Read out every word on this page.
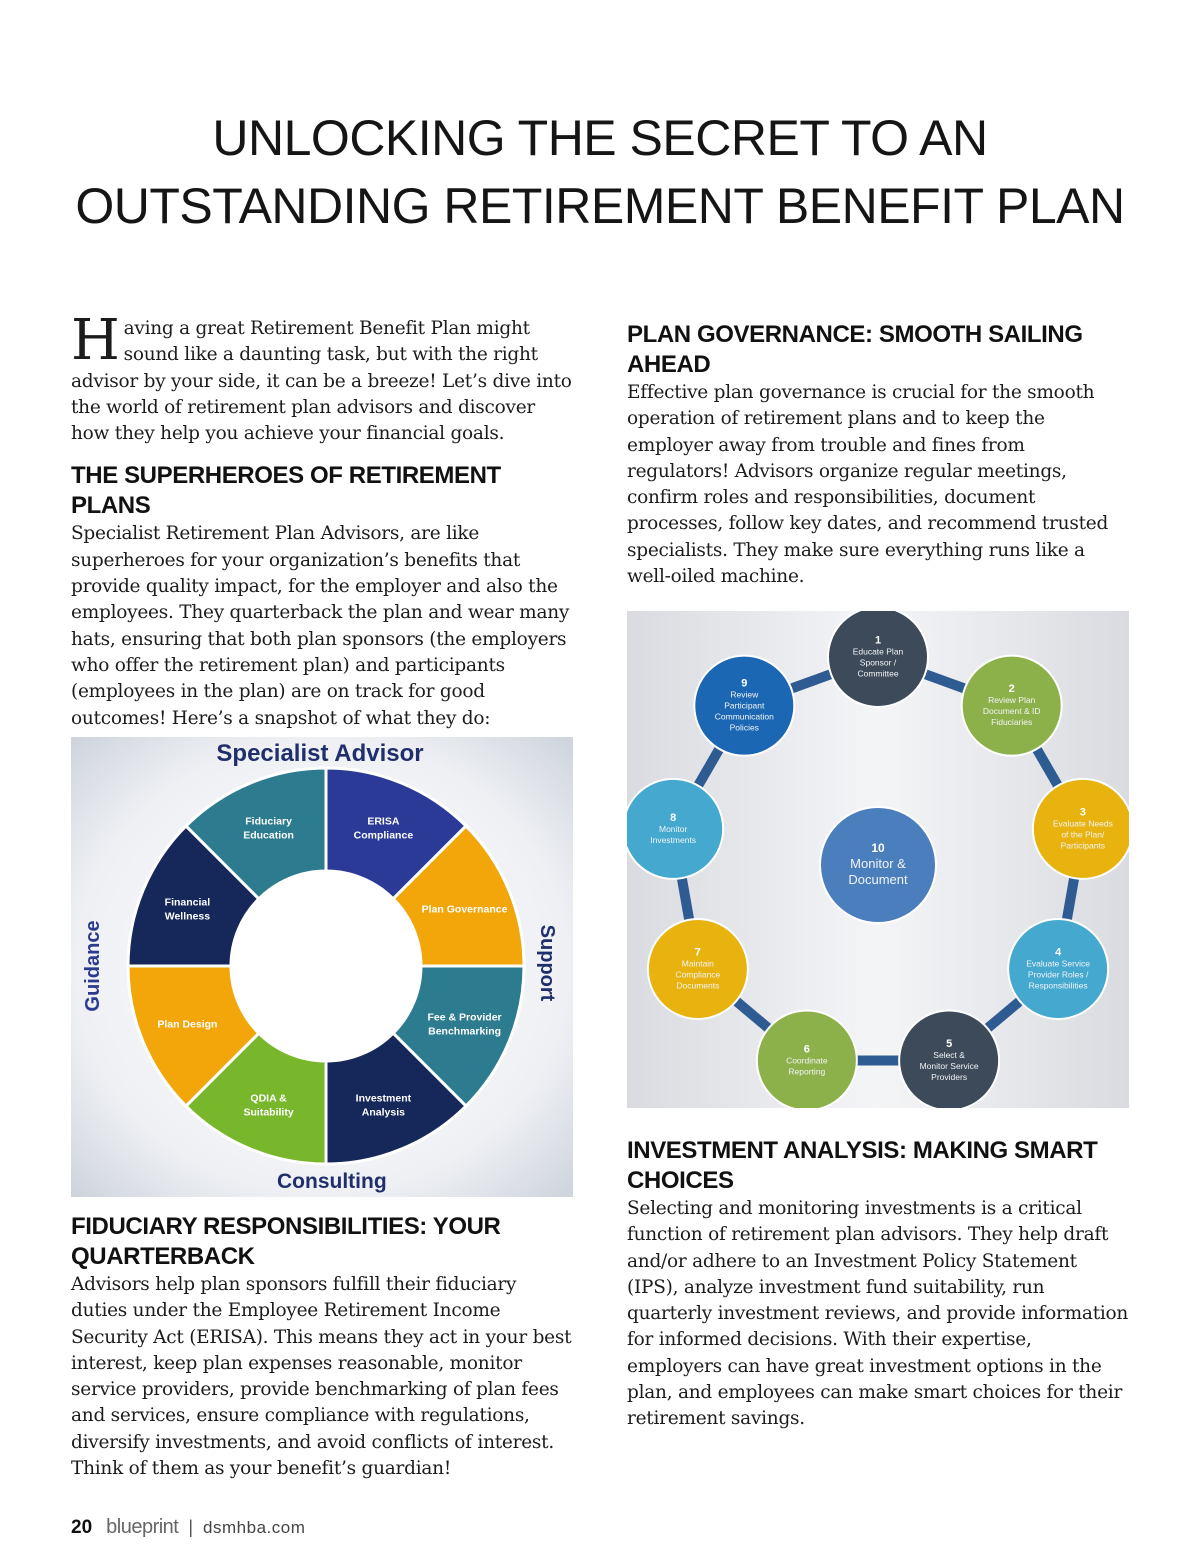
UNLOCKING THE SECRET TO AN
OUTSTANDING RETIREMENT BENEFIT PLAN

Having a great Retirement Benefit Plan might sound like a daunting task, but with the right advisor by your side, it can be a breeze! Let’s dive into the world of retirement plan advisors and discover how they help you achieve your financial goals.

THE SUPERHEROES OF RETIREMENT PLANS

Specialist Retirement Plan Advisors, are like superheroes for your organization’s benefits that provide quality impact, for the employer and also the employees. They quarterback the plan and wear many hats, ensuring that both plan sponsors (the employers who offer the retirement plan) and participants (employees in the plan) are on track for good outcomes! Here’s a snapshot of what they do:

ERISA
Compliance
Plan Governance
Fee & Provider
Benchmarking
Investment
Analysis
QDIA &
Suitability
Plan Design
Financial
Wellness
Fiduciary
Education
Specialist Advisor
Consulting
Guidance	Support
FIDUCIARY RESPONSIBILITIES: YOUR QUARTERBACK

Advisors help plan sponsors fulfill their fiduciary duties under the Employee Retirement Income Security Act (ERISA). This means they act in your best interest, keep plan expenses reasonable, monitor service providers, provide benchmarking of plan fees and services, ensure compliance with regulations, diversify investments, and avoid conflicts of interest. Think of them as your benefit’s guardian!

PLAN GOVERNANCE: SMOOTH SAILING AHEAD

Effective plan governance is crucial for the smooth operation of retirement plans and to keep the employer away from trouble and fines from regulators! Advisors organize regular meetings, confirm roles and responsibilities, document processes, follow key dates, and recommend trusted specialists. They make sure everything runs like a well-oiled machine.

1
Educate Plan
Sponsor /
Committee
2
Review Plan
Document & ID
Fiduciaries
3
Evaluate Needs
of the Plan/
Participants
4
Evaluate Service
Provider Roles /
Responsibilities
5
Select &
Monitor Service
Providers
6
Coordinate
Reporting
7
Maintain
Compliance
Documents
8
Monitor
Investments
9
Review
Participant
Communication
Policies
10
Monitor &
Document
INVESTMENT ANALYSIS: MAKING SMART CHOICES

Selecting and monitoring investments is a critical function of retirement plan advisors. They help draft and/or adhere to an Investment Policy Statement (IPS), analyze investment fund suitability, run quarterly investment reviews, and provide information for informed decisions. With their expertise, employers can have great investment options in the plan, and employees can make smart choices for their retirement savings.

20 blueprint | dsmhba.com
